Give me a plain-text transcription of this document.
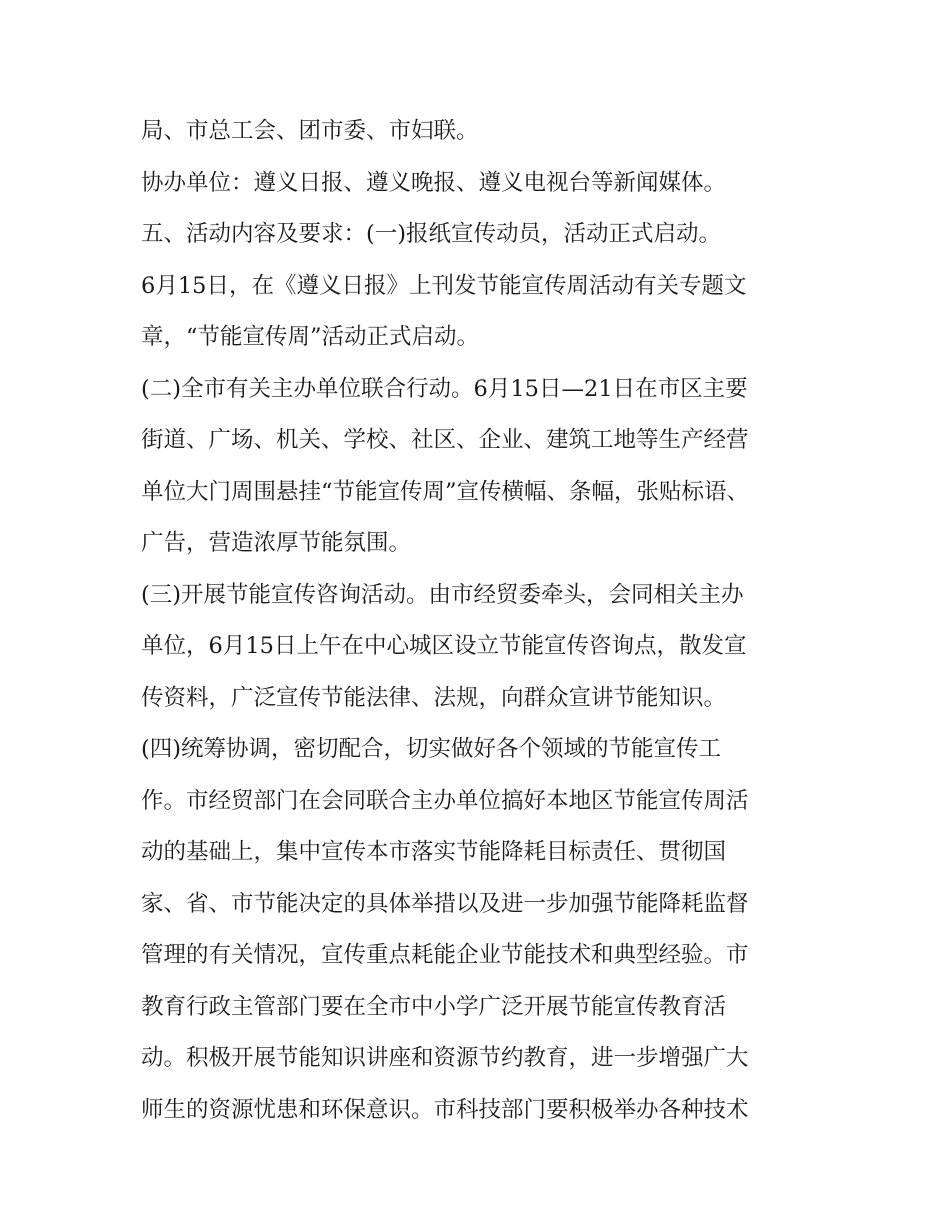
局、市总工会、团市委、市妇联。
协办单位：遵义日报、遵义晚报、遵义电视台等新闻媒体。
五、活动内容及要求：(一)报纸宣传动员，活动正式启动。
6月15日，在《遵义日报》上刊发节能宣传周活动有关专题文
章，“节能宣传周”活动正式启动。
(二)全市有关主办单位联合行动。6月15日—21日在市区主要
街道、广场、机关、学校、社区、企业、建筑工地等生产经营
单位大门周围悬挂“节能宣传周”宣传横幅、条幅，张贴标语、
广告，营造浓厚节能氛围。
(三)开展节能宣传咨询活动。由市经贸委牵头，会同相关主办
单位，6月15日上午在中心城区设立节能宣传咨询点，散发宣
传资料，广泛宣传节能法律、法规，向群众宣讲节能知识。
(四)统筹协调，密切配合，切实做好各个领域的节能宣传工
作。市经贸部门在会同联合主办单位搞好本地区节能宣传周活
动的基础上，集中宣传本市落实节能降耗目标责任、贯彻国
家、省、市节能决定的具体举措以及进一步加强节能降耗监督
管理的有关情况，宣传重点耗能企业节能技术和典型经验。市
教育行政主管部门要在全市中小学广泛开展节能宣传教育活
动。积极开展节能知识讲座和资源节约教育，进一步增强广大
师生的资源忧患和环保意识。市科技部门要积极举办各种技术
